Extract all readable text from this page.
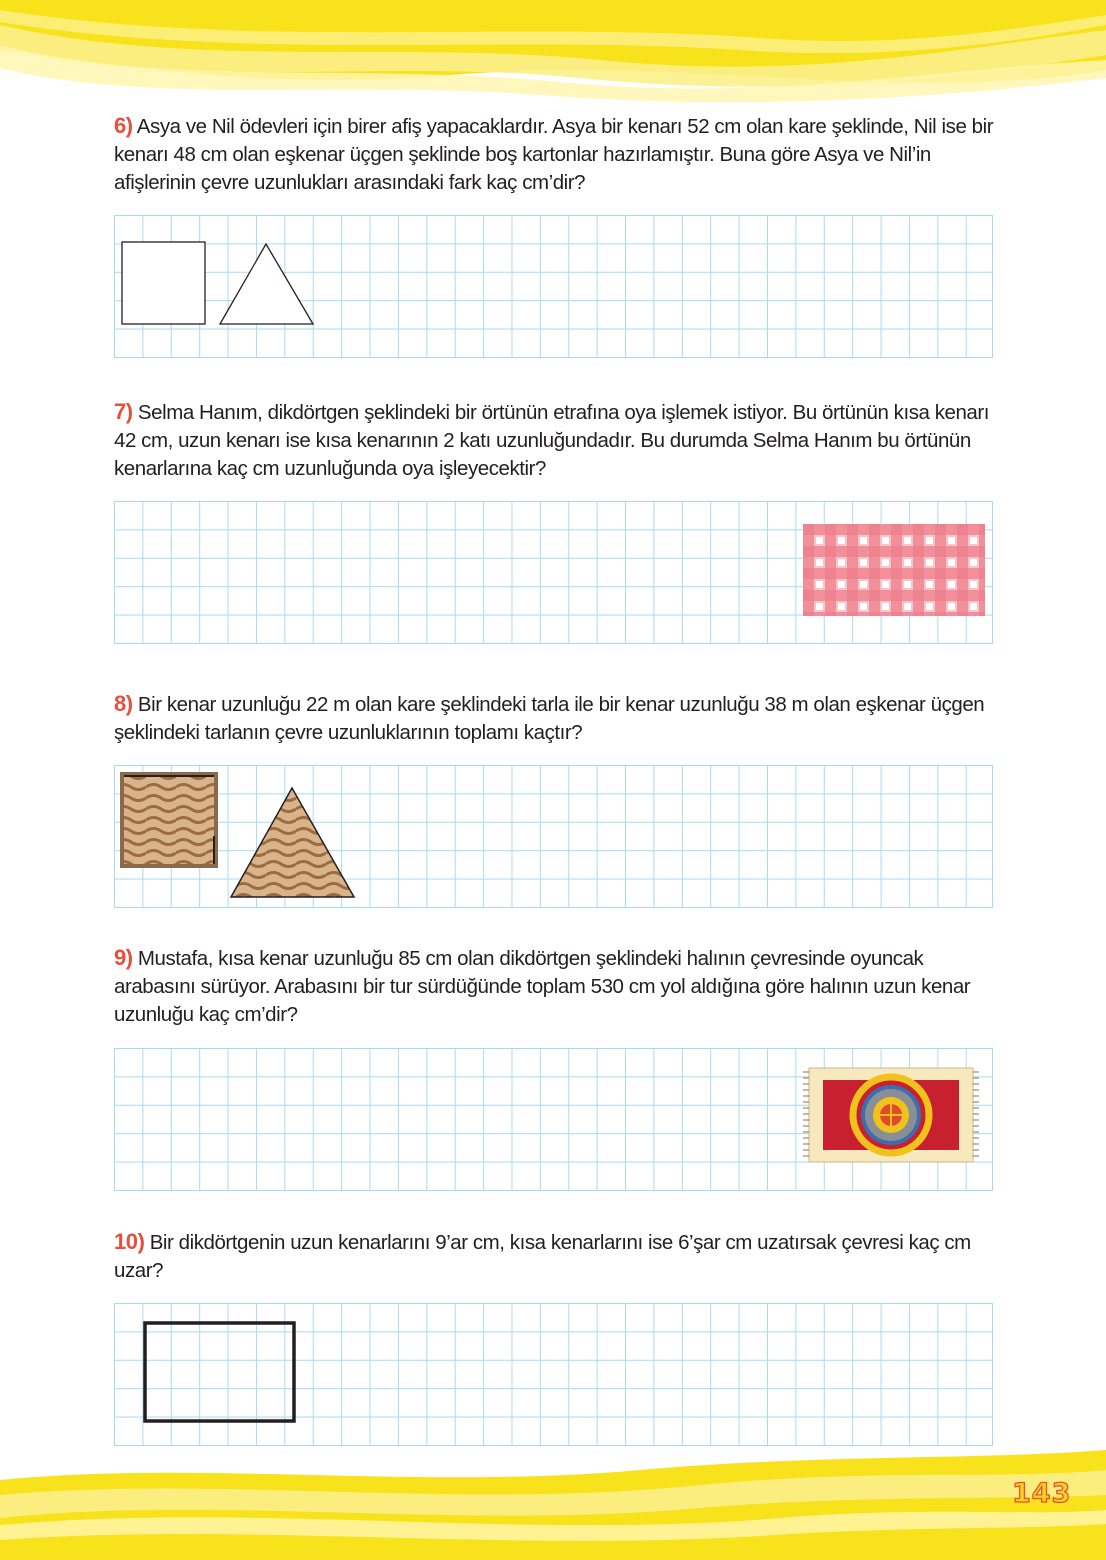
6) Asya ve Nil ödevleri için birer afiş yapacaklardır. Asya bir kenarı 52 cm olan kare şeklinde, Nil ise bir kenarı 48 cm olan eşkenar üçgen şeklinde boş kartonlar hazırlamıştır. Buna göre Asya ve Nil’in afişlerinin çevre uzunlukları arasındaki fark kaç cm’dir?

7) Selma Hanım, dikdörtgen şeklindeki bir örtünün etrafına oya işlemek istiyor. Bu örtünün kısa kenarı 42 cm, uzun kenarı ise kısa kenarının 2 katı uzunluğundadır. Bu durumda Selma Hanım bu örtünün kenarlarına kaç cm uzunluğunda oya işleyecektir?

8) Bir kenar uzunluğu 22 m olan kare şeklindeki tarla ile bir kenar uzunluğu 38 m olan eşkenar üçgen şeklindeki tarlanın çevre uzunluklarının toplamı kaçtır?

9) Mustafa, kısa kenar uzunluğu 85 cm olan dikdörtgen şeklindeki halının çevresinde oyuncak arabasını sürüyor. Arabasını bir tur sürdüğünde toplam 530 cm yol aldığına göre halının uzun kenar uzunluğu kaç cm’dir?

10) Bir dikdörtgenin uzun kenarlarını 9’ar cm, kısa kenarlarını ise 6’şar cm uzatırsak çevresi kaç cm uzar?

143
